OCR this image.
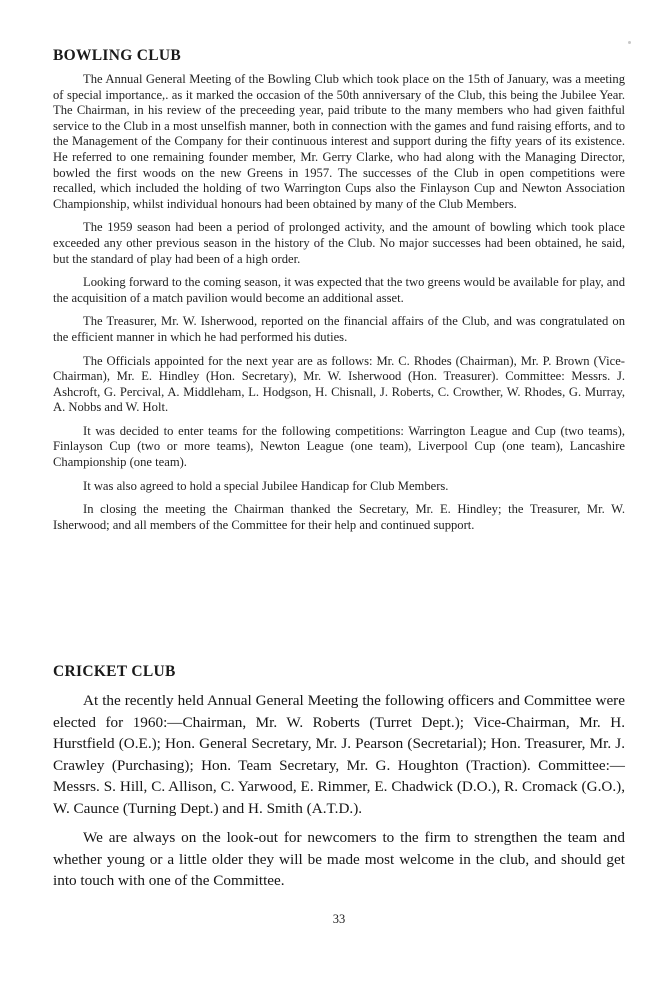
BOWLING CLUB

The Annual General Meeting of the Bowling Club which took place on the 15th of January, was a meeting of special importance,. as it marked the occasion of the 50th anniversary of the Club, this being the Jubilee Year. The Chairman, in his review of the preceeding year, paid tribute to the many members who had given faithful service to the Club in a most unselfish manner, both in connection with the games and fund raising efforts, and to the Management of the Company for their continuous interest and support during the fifty years of its existence. He referred to one remaining founder member, Mr. Gerry Clarke, who had along with the Managing Director, bowled the first woods on the new Greens in 1957. The successes of the Club in open competitions were recalled, which included the holding of two Warrington Cups also the Finlayson Cup and Newton Association Championship, whilst individual honours had been obtained by many of the Club Members.

The 1959 season had been a period of prolonged activity, and the amount of bowling which took place exceeded any other previous season in the history of the Club. No major successes had been obtained, he said, but the standard of play had been of a high order.

Looking forward to the coming season, it was expected that the two greens would be available for play, and the acquisition of a match pavilion would become an additional asset.

The Treasurer, Mr. W. Isherwood, reported on the financial affairs of the Club, and was congratulated on the efficient manner in which he had performed his duties.

The Officials appointed for the next year are as follows: Mr. C. Rhodes (Chairman), Mr. P. Brown (Vice-Chairman), Mr. E. Hindley (Hon. Secretary), Mr. W. Isherwood (Hon. Treasurer). Committee: Messrs. J. Ashcroft, G. Percival, A. Middleham, L. Hodgson, H. Chisnall, J. Roberts, C. Crowther, W. Rhodes, G. Murray, A. Nobbs and W. Holt.

It was decided to enter teams for the following competitions: Warrington League and Cup (two teams), Finlayson Cup (two or more teams), Newton League (one team), Liverpool Cup (one team), Lancashire Championship (one team).

It was also agreed to hold a special Jubilee Handicap for Club Members.

In closing the meeting the Chairman thanked the Secretary, Mr. E. Hindley; the Treasurer, Mr. W. Isherwood; and all members of the Committee for their help and continued support.

CRICKET CLUB

At the recently held Annual General Meeting the following officers and Committee were elected for 1960:—Chairman, Mr. W. Roberts (Turret Dept.); Vice-Chairman, Mr. H. Hurstfield (O.E.); Hon. General Secretary, Mr. J. Pearson (Secretarial); Hon. Treasurer, Mr. J. Crawley (Purchasing); Hon. Team Secretary, Mr. G. Houghton (Traction). Committee:—Messrs. S. Hill, C. Allison, C. Yarwood, E. Rimmer, E. Chadwick (D.O.), R. Cromack (G.O.), W. Caunce (Turning Dept.) and H. Smith (A.T.D.).

We are always on the look-out for newcomers to the firm to strengthen the team and whether young or a little older they will be made most welcome in the club, and should get into touch with one of the Committee.

33
